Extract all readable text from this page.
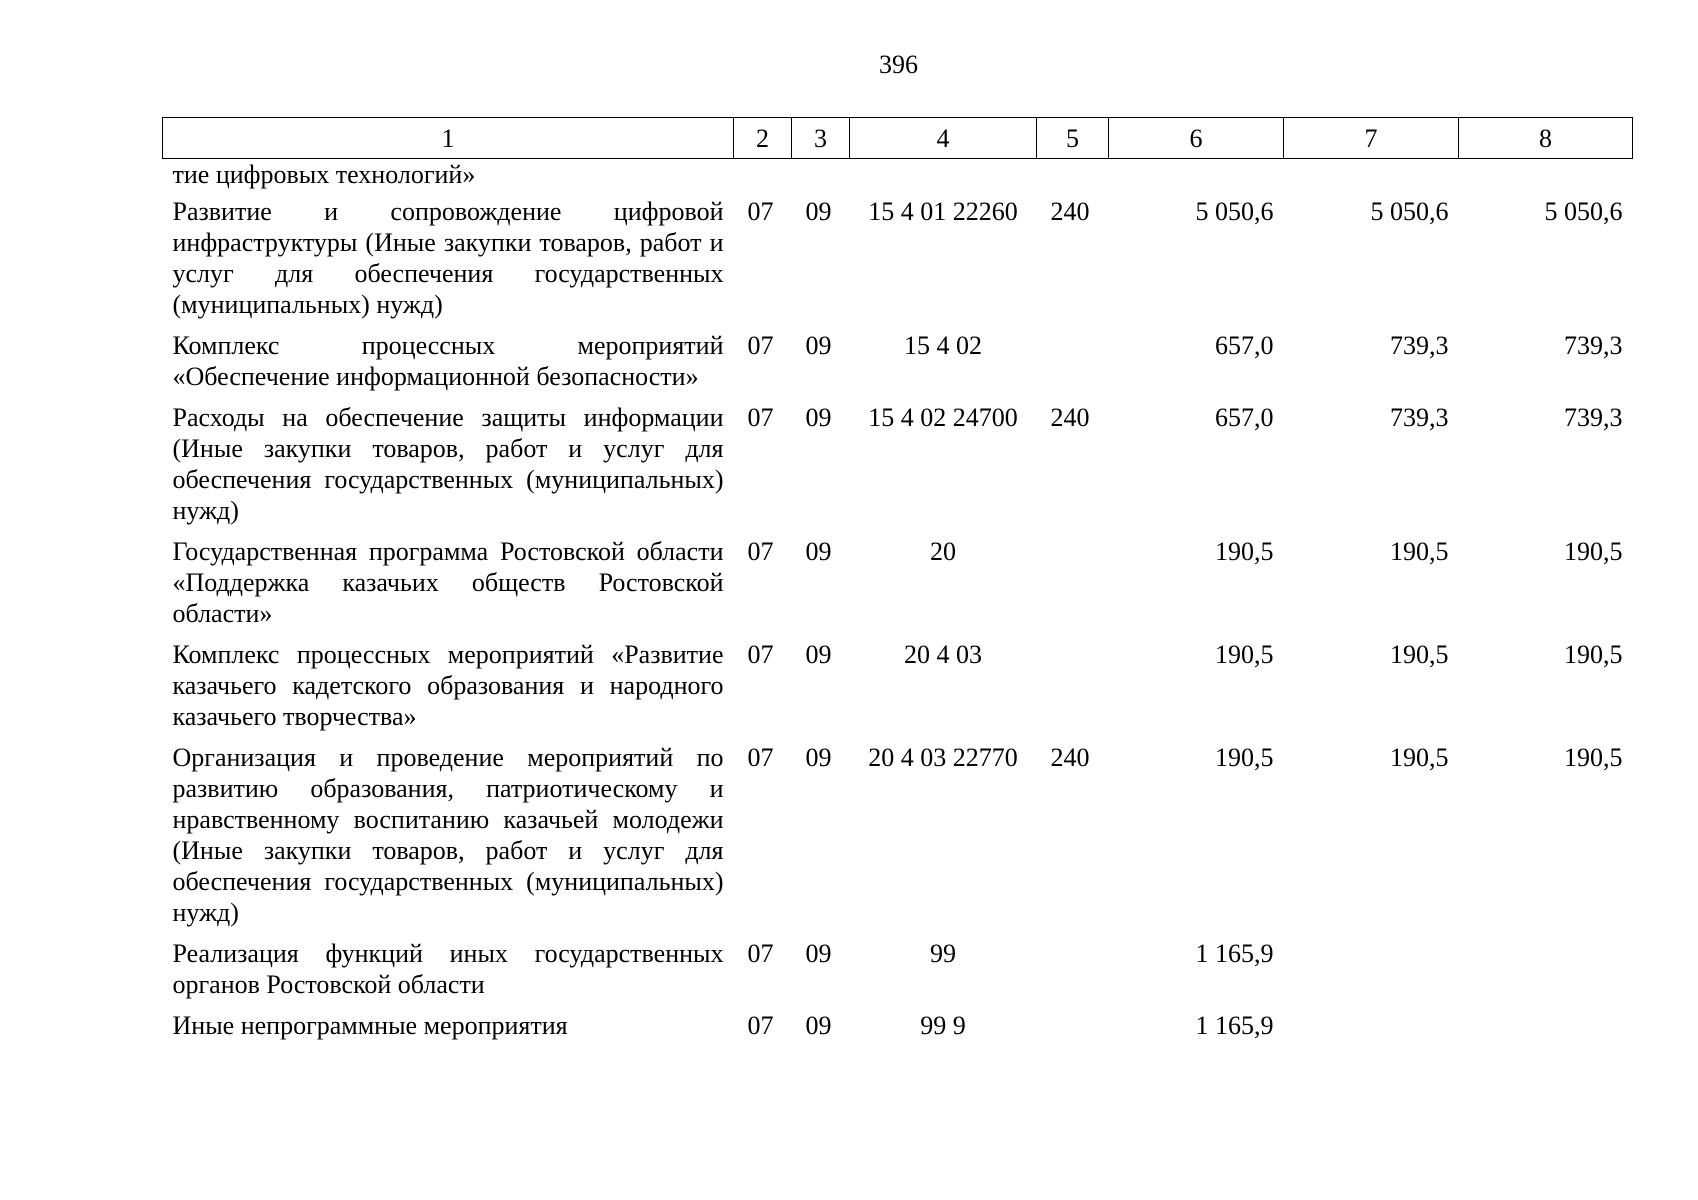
396
1	2	3	4	5	6	7	8
тие цифровых технологий»							
Развитие и сопровождение цифровой инфраструктуры (Иные закупки товаров, работ и услуг для обеспечения государственных (муниципальных) нужд)	07	09	15 4 01 22260	240	5 050,6	5 050,6	5 050,6
Комплекс процессных мероприятий «Обеспечение информационной безопасности»	07	09	15 4 02		657,0	739,3	739,3
Расходы на обеспечение защиты информации (Иные закупки товаров, работ и услуг для обеспечения государственных (муниципальных) нужд)	07	09	15 4 02 24700	240	657,0	739,3	739,3
Государственная программа Ростовской области «Поддержка казачьих обществ Ростовской области»	07	09	20		190,5	190,5	190,5
Комплекс процессных мероприятий «Развитие казачьего кадетского образования и народного казачьего творчества»	07	09	20 4 03		190,5	190,5	190,5
Организация и проведение мероприятий по развитию образования, патриотическому и нравственному воспитанию казачьей молодежи (Иные закупки товаров, работ и услуг для обеспечения государственных (муниципальных) нужд)	07	09	20 4 03 22770	240	190,5	190,5	190,5
Реализация функций иных государственных органов Ростовской области	07	09	99		1 165,9		
Иные непрограммные мероприятия	07	09	99 9		1 165,9		
